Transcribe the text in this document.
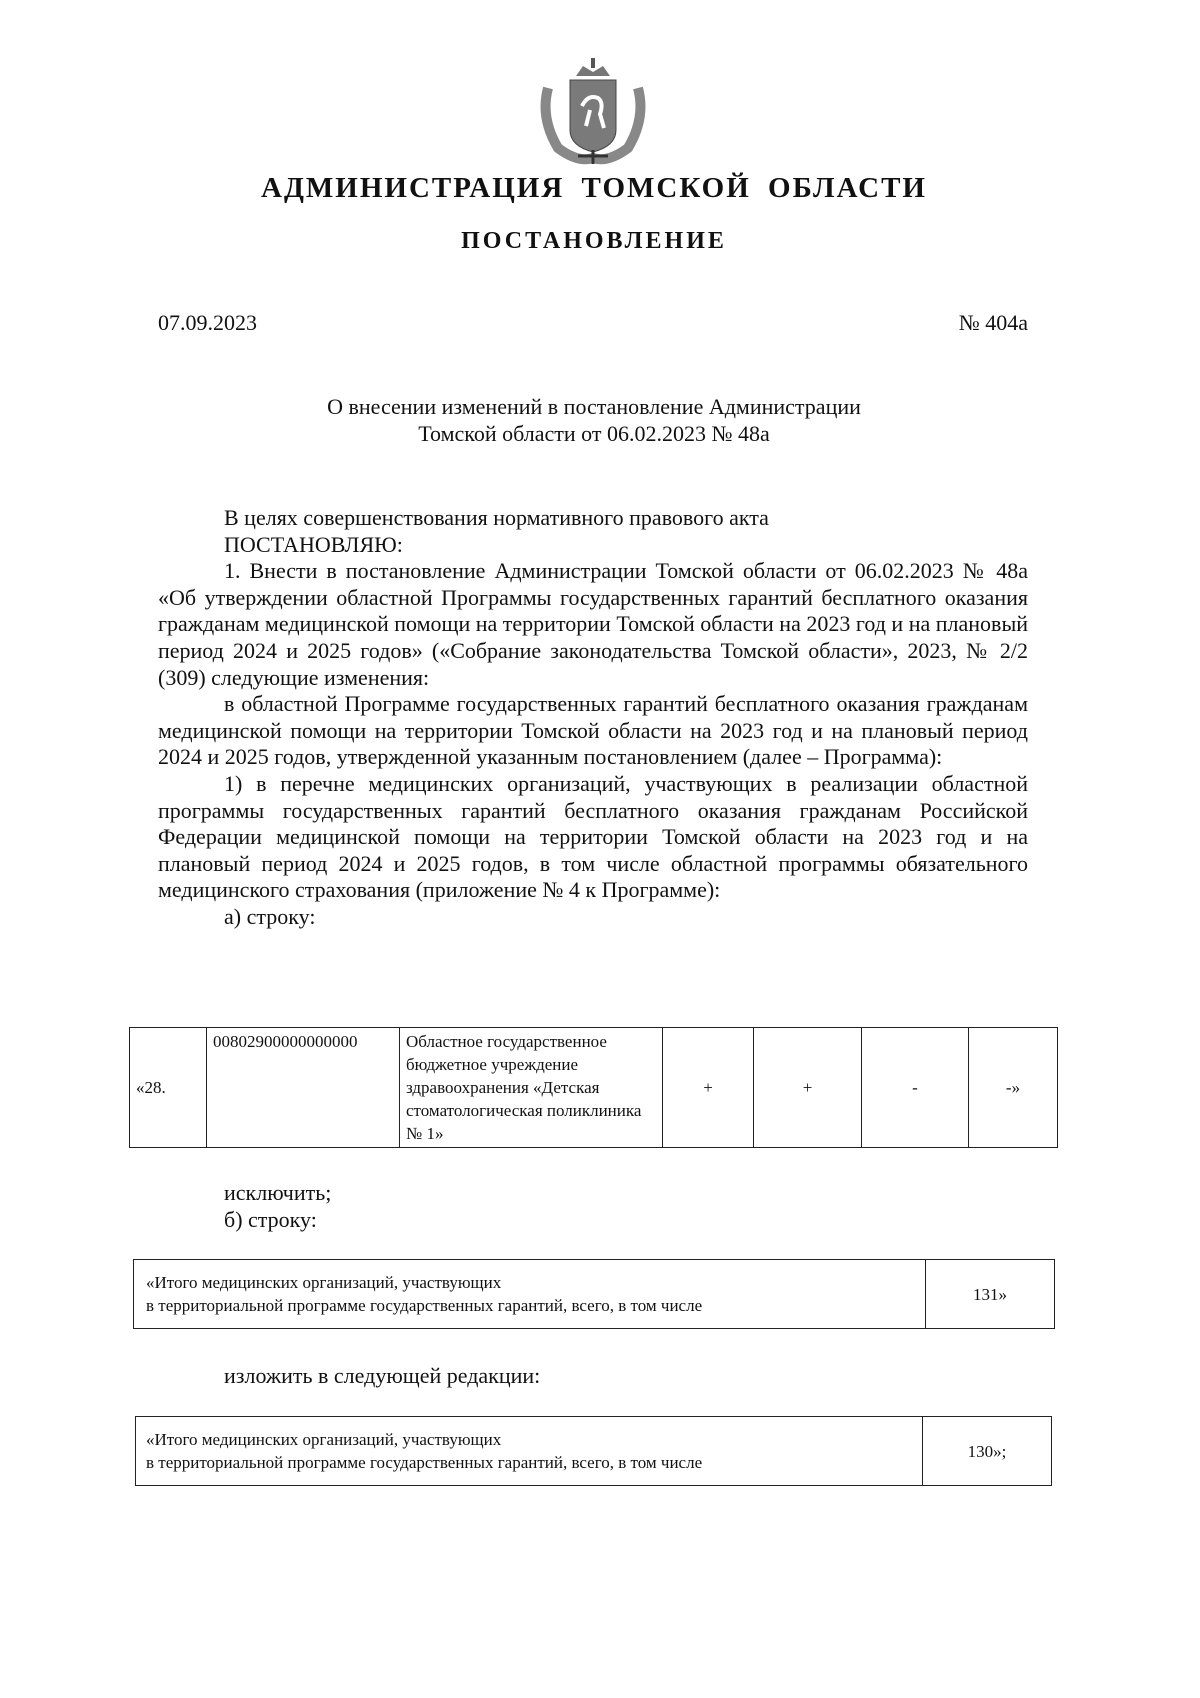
АДМИНИСТРАЦИЯ ТОМСКОЙ ОБЛАСТИ
ПОСТАНОВЛЕНИЕ
07.09.2023	№ 404а
О внесении изменений в постановление Администрации
Томской области от 06.02.2023 № 48а

В целях совершенствования нормативного правового акта

ПОСТАНОВЛЯЮ:

1. Внести в постановление Администрации Томской области от 06.02.2023 № 48а «Об утверждении областной Программы государственных гарантий бесплатного оказания гражданам медицинской помощи на территории Томской области на 2023 год и на плановый период 2024 и 2025 годов» («Собрание законодательства Томской области», 2023, № 2/2 (309) следующие изменения:

в областной Программе государственных гарантий бесплатного оказания гражданам медицинской помощи на территории Томской области на 2023 год и на плановый период 2024 и 2025 годов, утвержденной указанным постановлением (далее – Программа):

1) в перечне медицинских организаций, участвующих в реализации областной программы государственных гарантий бесплатного оказания гражданам Российской Федерации медицинской помощи на территории Томской области на 2023 год и на плановый период 2024 и 2025 годов, в том числе областной программы обязательного медицинского страхования (приложение № 4 к Программе):

а) строку:

«28.	00802900000000000	Областное государственное бюджетное учреждение здравоохранения «Детская стоматологическая поликлиника № 1»	+	+	-	-»
исключить;
б) строку:
«Итого медицинских организаций, участвующих
в территориальной программе государственных гарантий, всего, в том числе
	131»
изложить в следующей редакции:
«Итого медицинских организаций, участвующих
в территориальной программе государственных гарантий, всего, в том числе
	130»;
